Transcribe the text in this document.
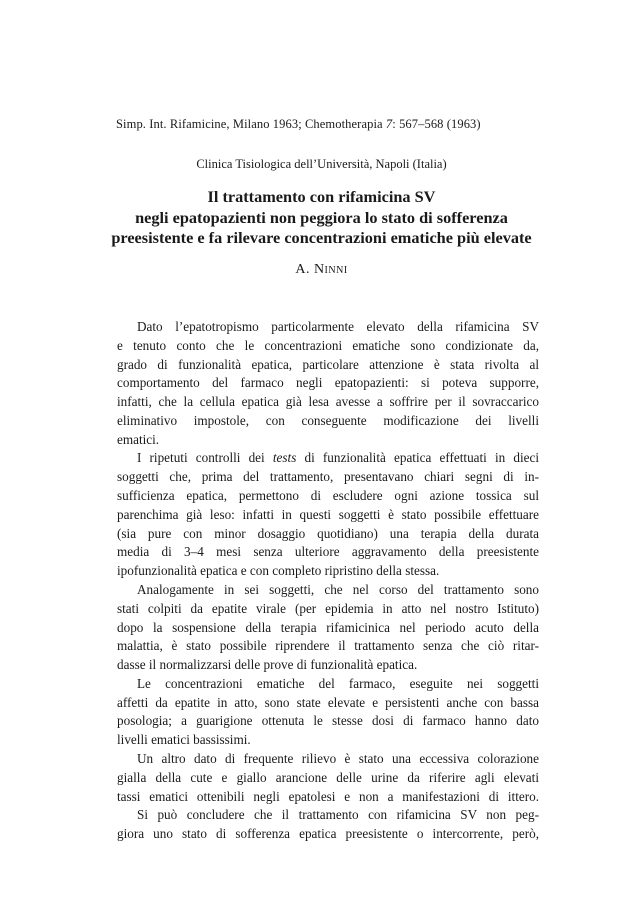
Simp. Int. Rifamicine, Milano 1963; Chemotherapia 7: 567–568 (1963)
Clinica Tisiologica dell’Università, Napoli (Italia)
Il trattamento con rifamicina SV
negli epatopazienti non peggiora lo stato di sofferenza
preesistente e fa rilevare concentrazioni ematiche più elevate
A. Ninni
Dato l’epatotropismo particolarmente elevato della rifamicina SV
e tenuto conto che le concentrazioni ematiche sono condizionate da,
grado di funzionalità epatica, particolare attenzione è stata rivolta al
comportamento del farmaco negli epatopazienti: si poteva supporre,
infatti, che la cellula epatica già lesa avesse a soffrire per il sovraccarico
eliminativo impostole, con conseguente modificazione dei livelli
ematici.
I ripetuti controlli dei tests di funzionalità epatica effettuati in dieci
soggetti che, prima del trattamento, presentavano chiari segni di in-
sufficienza epatica, permettono di escludere ogni azione tossica sul
parenchima già leso: infatti in questi soggetti è stato possibile effettuare
(sia pure con minor dosaggio quotidiano) una terapia della durata
media di 3–4 mesi senza ulteriore aggravamento della preesistente
ipofunzionalità epatica e con completo ripristino della stessa.
Analogamente in sei soggetti, che nel corso del trattamento sono
stati colpiti da epatite virale (per epidemia in atto nel nostro Istituto)
dopo la sospensione della terapia rifamicinica nel periodo acuto della
malattia, è stato possibile riprendere il trattamento senza che ciò ritar-
dasse il normalizzarsi delle prove di funzionalità epatica.
Le concentrazioni ematiche del farmaco, eseguite nei soggetti
affetti da epatite in atto, sono state elevate e persistenti anche con bassa
posologia; a guarigione ottenuta le stesse dosi di farmaco hanno dato
livelli ematici bassissimi.
Un altro dato di frequente rilievo è stato una eccessiva colorazione
gialla della cute e giallo arancione delle urine da riferire agli elevati
tassi ematici ottenibili negli epatolesi e non a manifestazioni di ittero.
Si può concludere che il trattamento con rifamicina SV non peg-
giora uno stato di sofferenza epatica preesistente o intercorrente, però,
